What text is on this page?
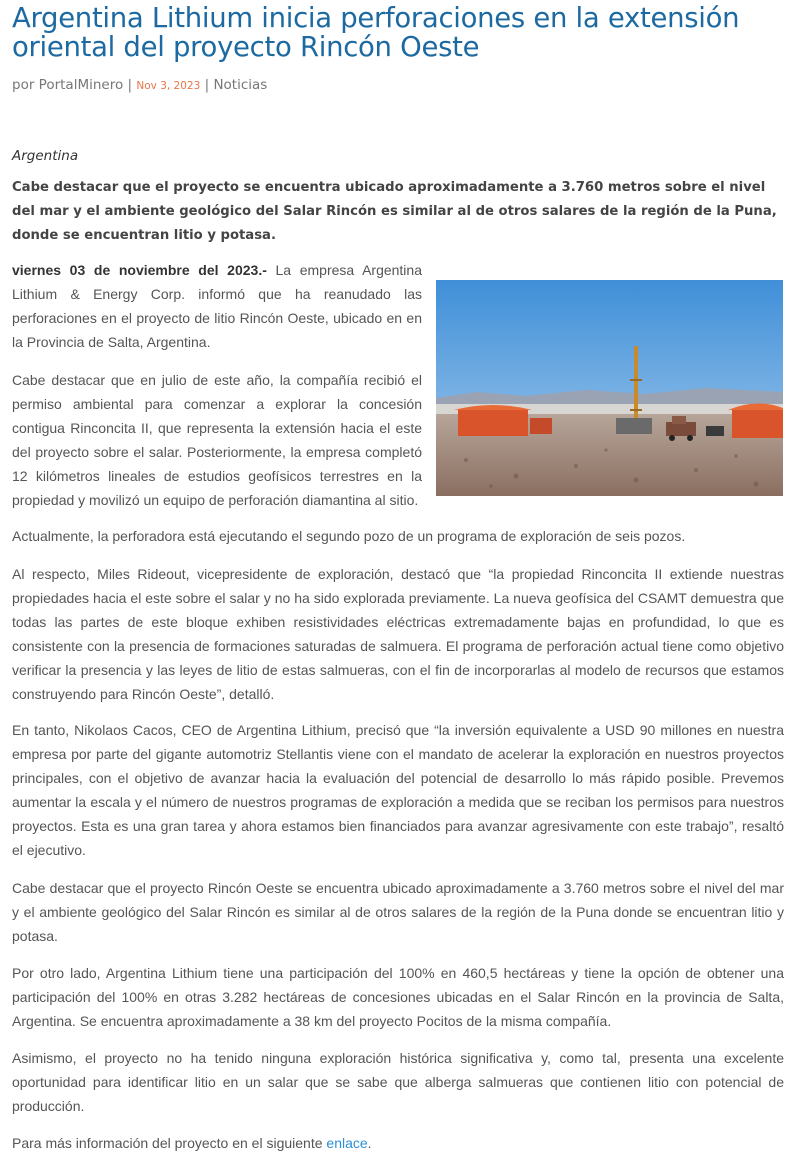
Argentina Lithium inicia perforaciones en la extensión oriental del proyecto Rincón Oeste
por PortalMinero | Nov 3, 2023 | Noticias
Argentina

Cabe destacar que el proyecto se encuentra ubicado aproximadamente a 3.760 metros sobre el nivel del mar y el ambiente geológico del Salar Rincón es similar al de otros salares de la región de la Puna, donde se encuentran litio y potasa.

viernes 03 de noviembre del 2023.- La empresa Argentina Lithium & Energy Corp. informó que ha reanudado las perforaciones en el proyecto de litio Rincón Oeste, ubicado en en la Provincia de Salta, Argentina.

Cabe destacar que en julio de este año, la compañía recibió el permiso ambiental para comenzar a explorar la concesión contigua Rinconcita II, que representa la extensión hacia el este del proyecto sobre el salar. Posteriormente, la empresa completó 12 kilómetros lineales de estudios geofísicos terrestres en la propiedad y movilizó un equipo de perforación diamantina al sitio.

Actualmente, la perforadora está ejecutando el segundo pozo de un programa de exploración de seis pozos.

Al respecto, Miles Rideout, vicepresidente de exploración, destacó que “la propiedad Rinconcita II extiende nuestras propiedades hacia el este sobre el salar y no ha sido explorada previamente. La nueva geofísica del CSAMT demuestra que todas las partes de este bloque exhiben resistividades eléctricas extremadamente bajas en profundidad, lo que es consistente con la presencia de formaciones saturadas de salmuera. El programa de perforación actual tiene como objetivo verificar la presencia y las leyes de litio de estas salmueras, con el fin de incorporarlas al modelo de recursos que estamos construyendo para Rincón Oeste”, detalló.

En tanto, Nikolaos Cacos, CEO de Argentina Lithium, precisó que “la inversión equivalente a USD 90 millones en nuestra empresa por parte del gigante automotriz Stellantis viene con el mandato de acelerar la exploración en nuestros proyectos principales, con el objetivo de avanzar hacia la evaluación del potencial de desarrollo lo más rápido posible. Prevemos aumentar la escala y el número de nuestros programas de exploración a medida que se reciban los permisos para nuestros proyectos. Esta es una gran tarea y ahora estamos bien financiados para avanzar agresivamente con este trabajo”, resaltó el ejecutivo.

Cabe destacar que el proyecto Rincón Oeste se encuentra ubicado aproximadamente a 3.760 metros sobre el nivel del mar y el ambiente geológico del Salar Rincón es similar al de otros salares de la región de la Puna donde se encuentran litio y potasa.

Por otro lado, Argentina Lithium tiene una participación del 100% en 460,5 hectáreas y tiene la opción de obtener una participación del 100% en otras 3.282 hectáreas de concesiones ubicadas en el Salar Rincón en la provincia de Salta, Argentina. Se encuentra aproximadamente a 38 km del proyecto Pocitos de la misma compañía.

Asimismo, el proyecto no ha tenido ninguna exploración histórica significativa y, como tal, presenta una excelente oportunidad para identificar litio en un salar que se sabe que alberga salmueras que contienen litio con potencial de producción.

Para más información del proyecto en el siguiente enlace.
